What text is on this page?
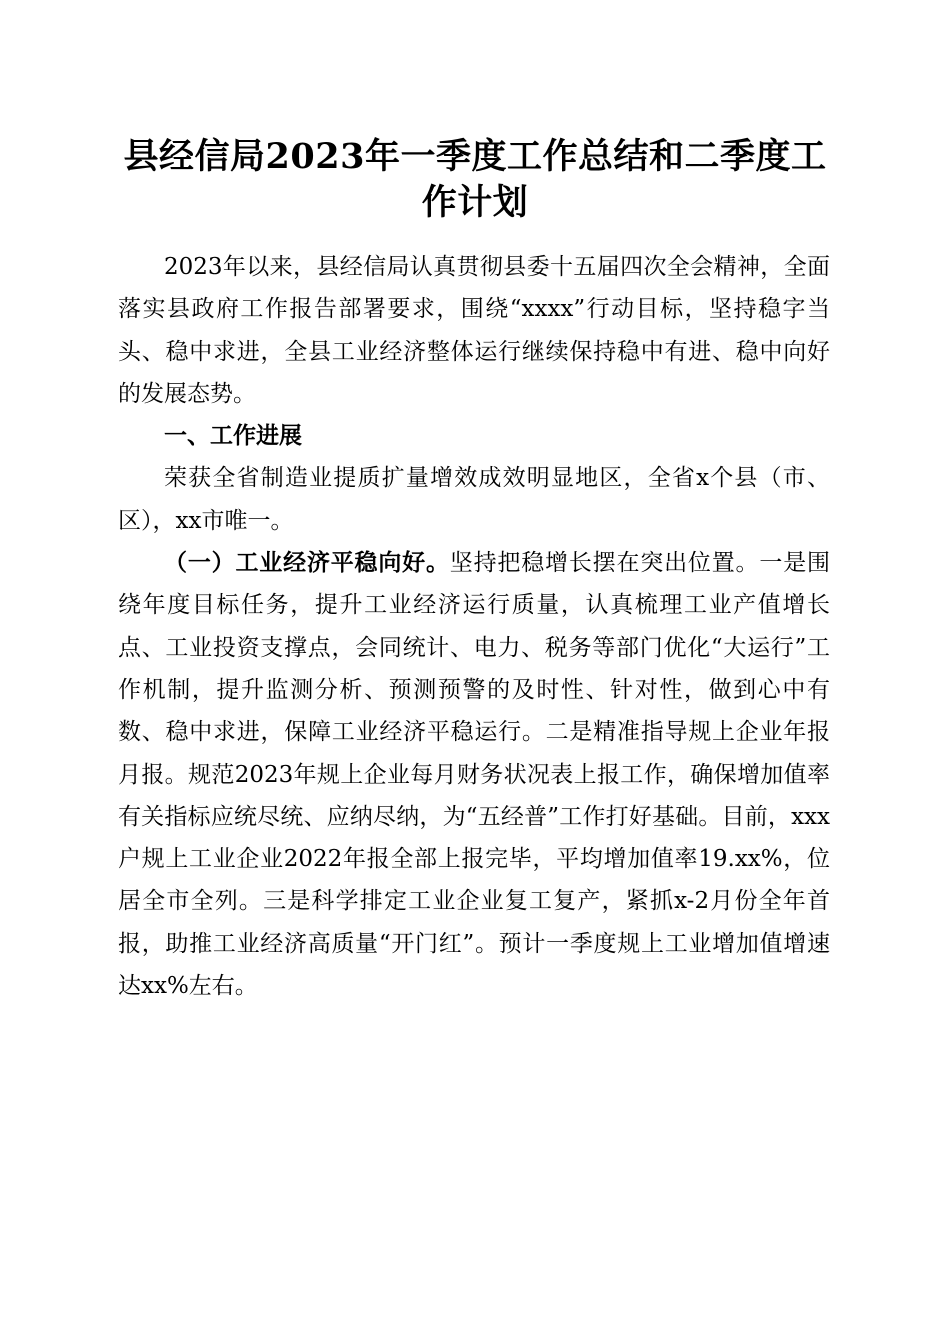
县经信局2023年一季度工作总结和二季度工
作计划

2023年以来，县经信局认真贯彻县委十五届四次全会精神，全面落实县政府工作报告部署要求，围绕“xxxx”行动目标，坚持稳字当头、稳中求进，全县工业经济整体运行继续保持稳中有进、稳中向好的发展态势。

一、工作进展

荣获全省制造业提质扩量增效成效明显地区，全省x个县（市、区），xx市唯一。

（一）工业经济平稳向好。坚持把稳增长摆在突出位置。一是围绕年度目标任务，提升工业经济运行质量，认真梳理工业产值增长点、工业投资支撑点，会同统计、电力、税务等部门优化“大运行”工作机制，提升监测分析、预测预警的及时性、针对性，做到心中有数、稳中求进，保障工业经济平稳运行。二是精准指导规上企业年报月报。规范2023年规上企业每月财务状况表上报工作，确保增加值率有关指标应统尽统、应纳尽纳，为“五经普”工作打好基础。目前，xxx户规上工业企业2022年报全部上报完毕，平均增加值率19.xx%，位居全市全列。三是科学排定工业企业复工复产，紧抓x-2月份全年首报，助推工业经济高质量“开门红”。预计一季度规上工业增加值增速达xx%左右。
